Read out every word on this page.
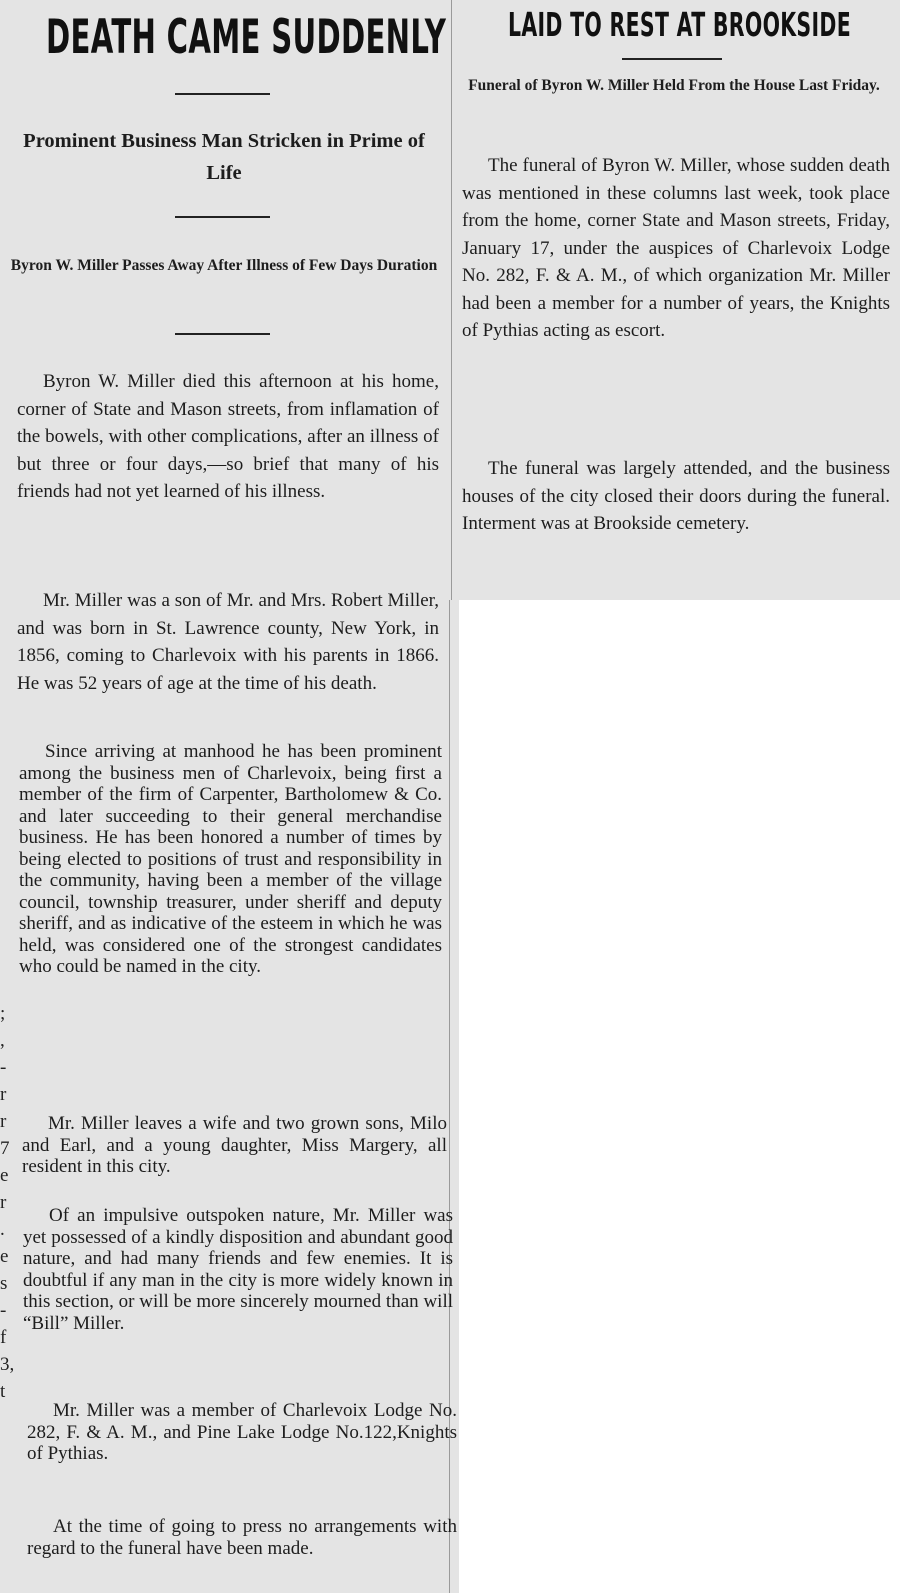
DEATH CAME SUDDENLY
Prominent Business Man Stricken in Prime of Life
Byron W. Miller Passes Away After Illness of Few Days Duration

Byron W. Miller died this afternoon at his home, corner of State and Mason streets, from inflamation of the bowels, with other complications, after an illness of but three or four days,—so brief that many of his friends had not yet learned of his illness.

Mr. Miller was a son of Mr. and Mrs. Robert Miller, and was born in St. Lawrence county, New York, in 1856, coming to Charlevoix with his parents in 1866. He was 52 years of age at the time of his death.

Since arriving at manhood he has been prominent among the business men of Charlevoix, being first a member of the firm of Carpenter, Bartholomew & Co. and later succeeding to their general merchandise business. He has been honored a number of times by being elected to positions of trust and responsibility in the community, having been a member of the village council, township treasurer, under sheriff and deputy sheriff, and as indicative of the esteem in which he was held, was considered one of the strongest candidates who could be named in the city.

Mr. Miller leaves a wife and two grown sons, Milo and Earl, and a young daughter, Miss Margery, all resident in this city.

Of an impulsive outspoken nature, Mr. Miller was yet possessed of a kindly disposition and abundant good nature, and had many friends and few enemies. It is doubtful if any man in the city is more widely known in this section, or will be more sincerely mourned than will “Bill” Miller.

Mr. Miller was a member of Charlevoix Lodge No. 282, F. & A. M., and Pine Lake Lodge No.122,Knights of Pythias.

At the time of going to press no arrangements with regard to the funeral have been made.

;
,
-
r
r
7
e
r
.
e
s
-
f
3,
t
LAID TO REST AT BROOKSIDE
Funeral of Byron W. Miller Held From the House Last Friday.

The funeral of Byron W. Miller, whose sudden death was mentioned in these columns last week, took place from the home, corner State and Mason streets, Friday, January 17, under the auspices of Charlevoix Lodge No. 282, F. & A. M., of which organization Mr. Miller had been a member for a number of years, the Knights of Pythias acting as escort.

The funeral was largely attended, and the business houses of the city closed their doors during the funeral. Interment was at Brookside cemetery.
